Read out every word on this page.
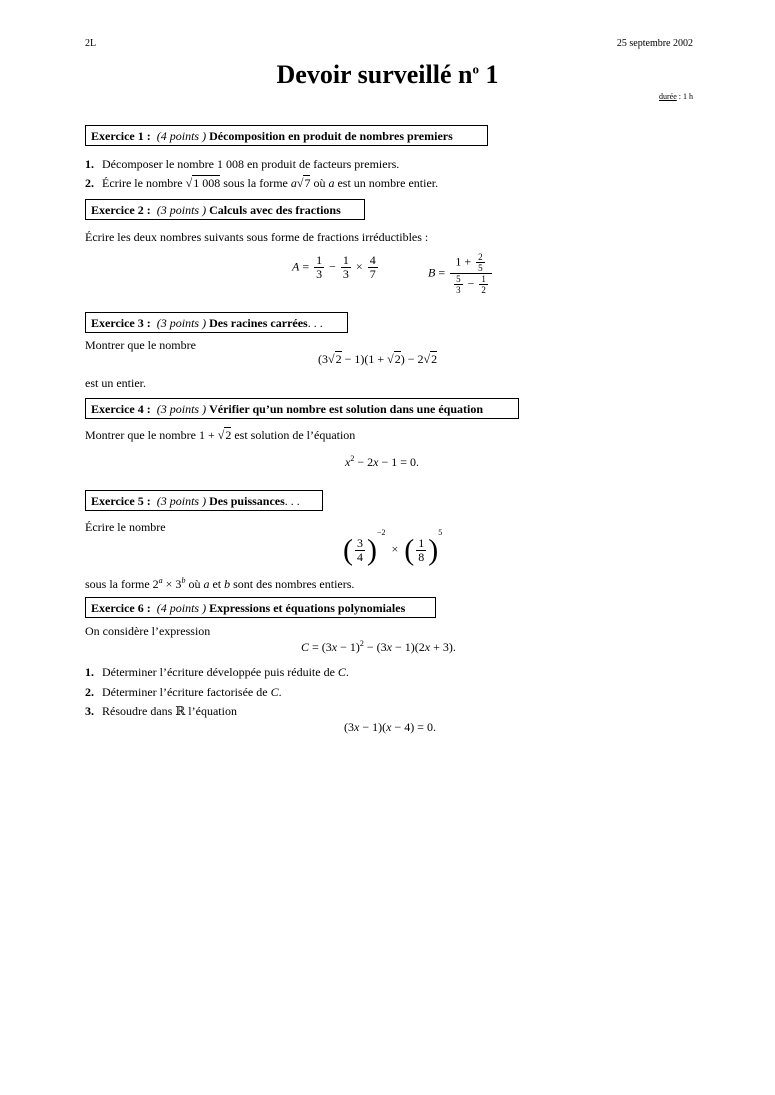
2L	25 septembre 2002
Devoir surveillé $n^o$ 1
durée : 1 h
Exercice 1 : (4 points ) Décomposition en produit de nombres premiers
1. Décomposer le nombre 1 008 en produit de facteurs premiers.
2. Écrire le nombre √1 008 sous la forme a√7 où a est un nombre entier.
Exercice 2 : (3 points ) Calculs avec des fractions
Écrire les deux nombres suivants sous forme de fractions irréductibles :
$A = \frac{1}{3} - \frac{1}{3} \times \frac{4}{7}$	$B = \frac{1 + \frac{2}{5}}{\frac{5}{3} - \frac{1}{2}}$
Exercice 3 : (3 points ) Des racines carrées. . .
Montrer que le nombre
(3√2 − 1)(1 + √2) − 2√2
est un entier.
Exercice 4 : (3 points ) Vérifier qu’un nombre est solution dans une équation
Montrer que le nombre 1 + √2 est solution de l’équation
$x^2 - 2x - 1 = 0$.
Exercice 5 : (3 points ) Des puissances. . .
Écrire le nombre
( $\frac{3}{4} )^{-2}$  ×  ( $\frac{1}{8} )^5$
sous la forme $2^a \times 3^b$ où a et b sont des nombres entiers.
Exercice 6 : (4 points ) Expressions et équations polynomiales
On considère l’expression
$C = (3x - 1)^2 - (3x - 1)(2x + 3)$.
1. Déterminer l’écriture développée puis réduite de C.
2. Déterminer l’écriture factorisée de C.
3. Résoudre dans ℝ l’équation
(3x − 1)(x − 4) = 0.
